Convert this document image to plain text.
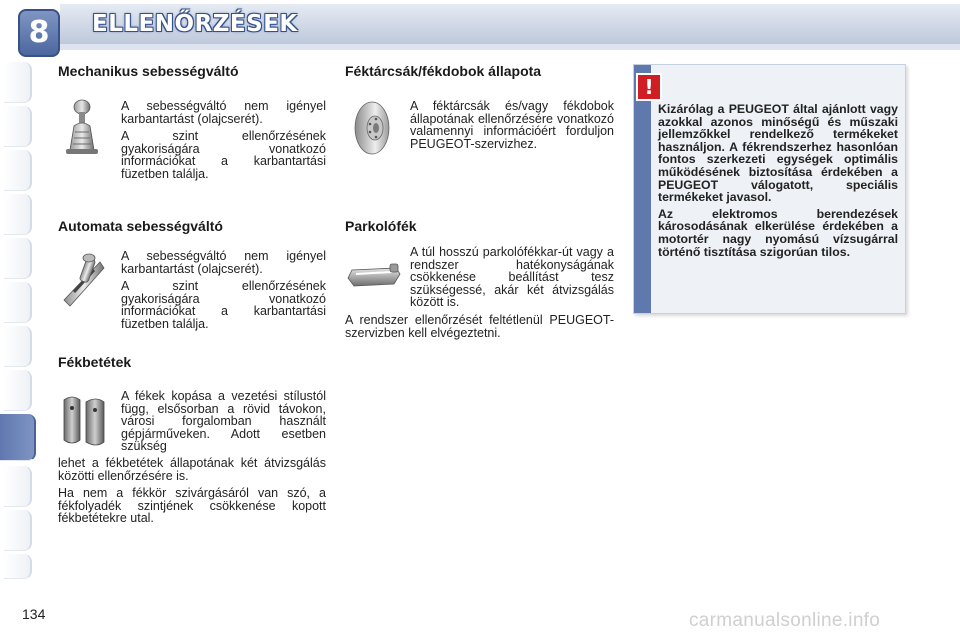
8	ELLENŐRZÉSEK
Mechanikus sebességváltó

A sebességváltó nem igényel karbantartást (olajcserét).

A szint ellenőrzésének gyakoriságára vonatkozó információkat a karbantartási füzetben találja.

Automata sebességváltó

A sebességváltó nem igényel karbantartást (olajcserét).

A szint ellenőrzésének gyakoriságára vonatkozó információkat a karbantartási füzetben találja.

Fékbetétek
A fékek kopása a vezetési stílustól függ, elsősorban a rövid távokon, városi forgalomban használt gépjárműveken. Adott esetben szükség
lehet a fékbetétek állapotának két átvizsgálás közötti ellenőrzésére is.
Ha nem a fékkör szivárgásáról van szó, a fékfolyadék szintjének csökkenése kopott fékbetétekre utal.
Féktárcsák/fékdobok állapota
A féktárcsák és/vagy fékdobok állapotának ellenőrzésére vonatkozó valamennyi információért forduljon PEUGEOT-szervizhez.
Parkolófék
A túl hosszú parkolófékkar-út vagy a rendszer hatékonyságának csökkenése beállítást tesz szükségessé, akár két átvizsgálás között is.
A rendszer ellenőrzését feltétlenül PEUGEOT-szervizben kell elvégeztetni.
!

Kizárólag a PEUGEOT által ajánlott vagy azokkal azonos minőségű és műszaki jellemzőkkel rendelkező termékeket használjon. A fékrendszerhez hasonlóan fontos szerkezeti egységek optimális működésének biztosítása érdekében a PEUGEOT válogatott, speciális termékeket javasol.

Az elektromos berendezések károsodásának elkerülése érdekében a motortér nagy nyomású vízsugárral történő tisztítása szigorúan tilos.

134	carmanualsonline.info
